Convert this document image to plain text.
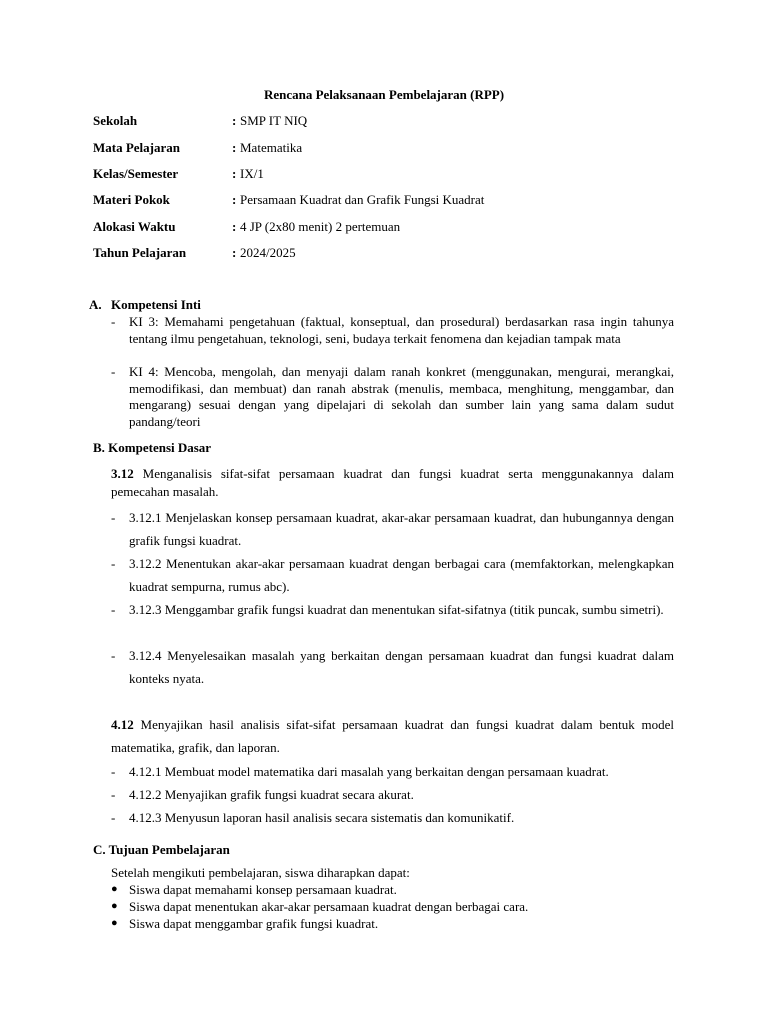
Rencana Pelaksanaan Pembelajaran (RPP)
Sekolah	: SMP IT NIQ
Mata Pelajaran	: Matematika
Kelas/Semester	: IX/1
Materi Pokok	: Persamaan Kuadrat dan Grafik Fungsi Kuadrat
Alokasi Waktu	: 4 JP (2x80 menit) 2 pertemuan
Tahun Pelajaran	: 2024/2025
A. Kompetensi Inti
- KI 3: Memahami pengetahuan (faktual, konseptual, dan prosedural) berdasarkan rasa ingin tahunya tentang ilmu pengetahuan, teknologi, seni, budaya terkait fenomena dan kejadian tampak mata
- KI 4: Mencoba, mengolah, dan menyaji dalam ranah konkret (menggunakan, mengurai, merangkai, memodifikasi, dan membuat) dan ranah abstrak (menulis, membaca, menghitung, menggambar, dan mengarang) sesuai dengan yang dipelajari di sekolah dan sumber lain yang sama dalam sudut pandang/teori
B. Kompetensi Dasar
3.12 Menganalisis sifat-sifat persamaan kuadrat dan fungsi kuadrat serta menggunakannya dalam pemecahan masalah.
- 3.12.1 Menjelaskan konsep persamaan kuadrat, akar-akar persamaan kuadrat, dan hubungannya dengan grafik fungsi kuadrat.
- 3.12.2 Menentukan akar-akar persamaan kuadrat dengan berbagai cara (memfaktorkan, melengkapkan kuadrat sempurna, rumus abc).
- 3.12.3 Menggambar grafik fungsi kuadrat dan menentukan sifat-sifatnya (titik puncak, sumbu simetri).
- 3.12.4 Menyelesaikan masalah yang berkaitan dengan persamaan kuadrat dan fungsi kuadrat dalam konteks nyata.
4.12 Menyajikan hasil analisis sifat-sifat persamaan kuadrat dan fungsi kuadrat dalam bentuk model matematika, grafik, dan laporan.
- 4.12.1 Membuat model matematika dari masalah yang berkaitan dengan persamaan kuadrat.
- 4.12.2 Menyajikan grafik fungsi kuadrat secara akurat.
- 4.12.3 Menyusun laporan hasil analisis secara sistematis dan komunikatif.
C. Tujuan Pembelajaran
Setelah mengikuti pembelajaran, siswa diharapkan dapat:
● Siswa dapat memahami konsep persamaan kuadrat.
● Siswa dapat menentukan akar-akar persamaan kuadrat dengan berbagai cara.
● Siswa dapat menggambar grafik fungsi kuadrat.
